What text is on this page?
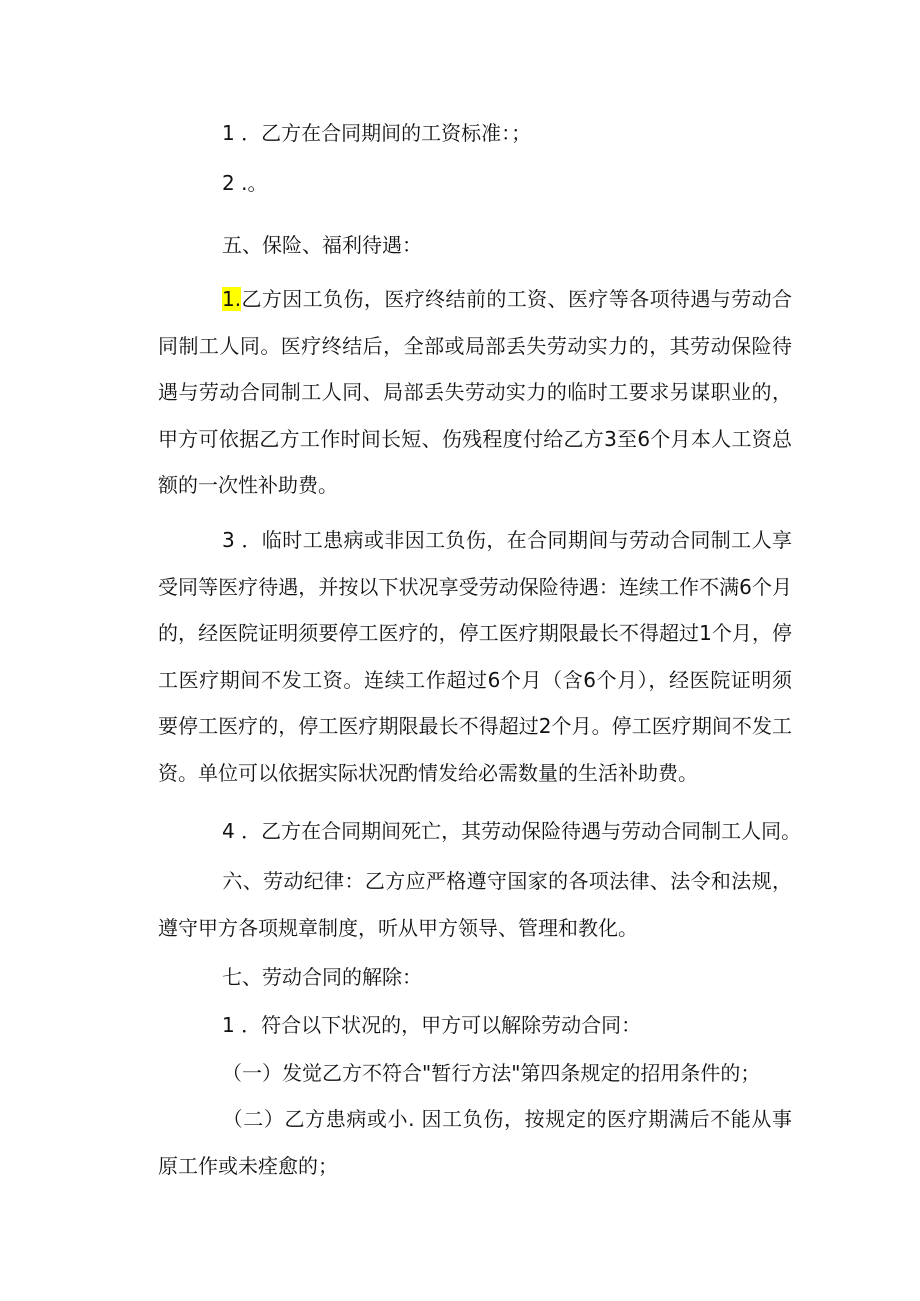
1 ．乙方在合同期间的工资标准：；
2 .。
五、保险、福利待遇：
1.乙方因工负伤，医疗终结前的工资、医疗等各项待遇与劳动合同制工人同。医疗终结后，全部或局部丢失劳动实力的，其劳动保险待遇与劳动合同制工人同、局部丢失劳动实力的临时工要求另谋职业的，甲方可依据乙方工作时间长短、伤残程度付给乙方3至6个月本人工资总额的一次性补助费。
3 ．临时工患病或非因工负伤，在合同期间与劳动合同制工人享受同等医疗待遇，并按以下状况享受劳动保险待遇：连续工作不满6个月的，经医院证明须要停工医疗的，停工医疗期限最长不得超过1个月，停工医疗期间不发工资。连续工作超过6个月（含6个月），经医院证明须要停工医疗的，停工医疗期限最长不得超过2个月。停工医疗期间不发工资。单位可以依据实际状况酌情发给必需数量的生活补助费。
4 ．乙方在合同期间死亡，其劳动保险待遇与劳动合同制工人同。
六、劳动纪律：乙方应严格遵守国家的各项法律、法令和法规，遵守甲方各项规章制度，听从甲方领导、管理和教化。
七、劳动合同的解除：
1 ．符合以下状况的，甲方可以解除劳动合同：
（一）发觉乙方不符合"暂行方法"第四条规定的招用条件的；
（二）乙方患病或小. 因工负伤，按规定的医疗期满后不能从事原工作或未痊愈的；
